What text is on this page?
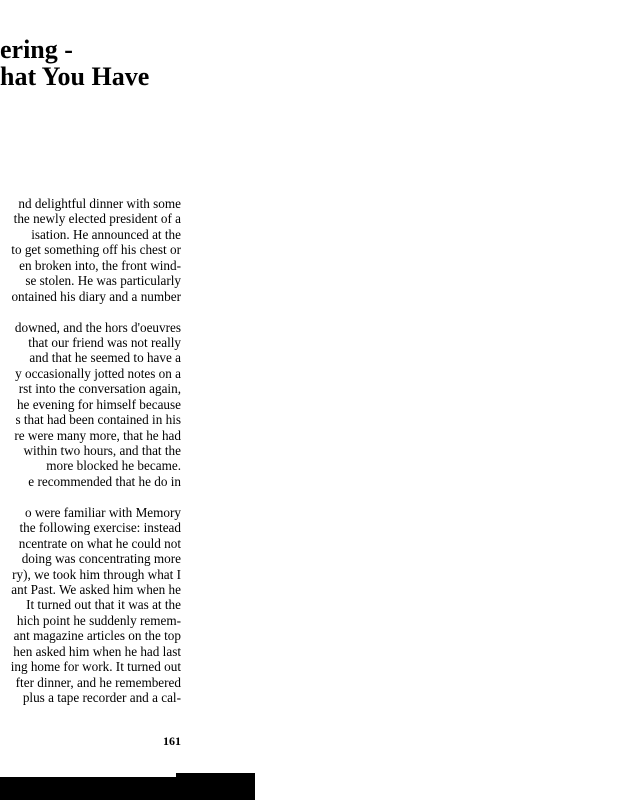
ering -
hat You Have
nd delightful dinner with some
the newly elected president of a
isation. He announced at the
to get something off his chest or
en broken into, the front wind-
se stolen. He was particularly
ontained his diary and a number
downed, and the hors d'oeuvres
that our friend was not really
and that he seemed to have a
y occasionally jotted notes on a
rst into the conversation again,
he evening for himself because
s that had been contained in his
re were many more, that he had
within two hours, and that the
more blocked he became.
e recommended that he do in
o were familiar with Memory
the following exercise: instead
ncentrate on what he could not
doing was concentrating more
ry), we took him through what I
ant Past. We asked him when he
It turned out that it was at the
hich point he suddenly remem-
ant magazine articles on the top
hen asked him when he had last
ing home for work. It turned out
fter dinner, and he remembered
plus a tape recorder and a cal-
161
